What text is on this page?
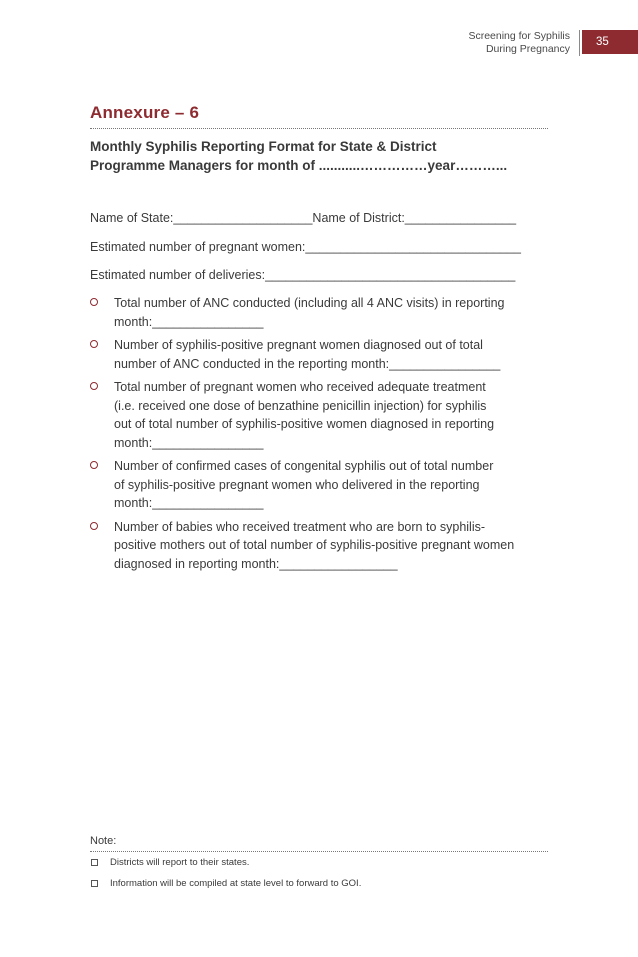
Screening for Syphilis
During Pregnancy
35
Annexure – 6
Monthly Syphilis Reporting Format for State & District
Programme Managers for month of ...........……………year………...
Name of State:____________________Name of District:________________
Estimated number of pregnant women:_______________________________
Estimated number of deliveries:____________________________________
Total number of ANC conducted (including all 4 ANC visits) in reporting
month:________________
Number of syphilis-positive pregnant women diagnosed out of total
number of ANC conducted in the reporting month:________________
Total number of pregnant women who received adequate treatment
(i.e. received one dose of benzathine penicillin injection) for syphilis
out of total number of syphilis-positive women diagnosed in reporting
month:________________
Number of confirmed cases of congenital syphilis out of total number
of syphilis-positive pregnant women who delivered in the reporting
month:________________
Number of babies who received treatment who are born to syphilis-
positive mothers out of total number of syphilis-positive pregnant women
diagnosed in reporting month:_________________
Note:
Districts will report to their states.
Information will be compiled at state level to forward to GOI.
